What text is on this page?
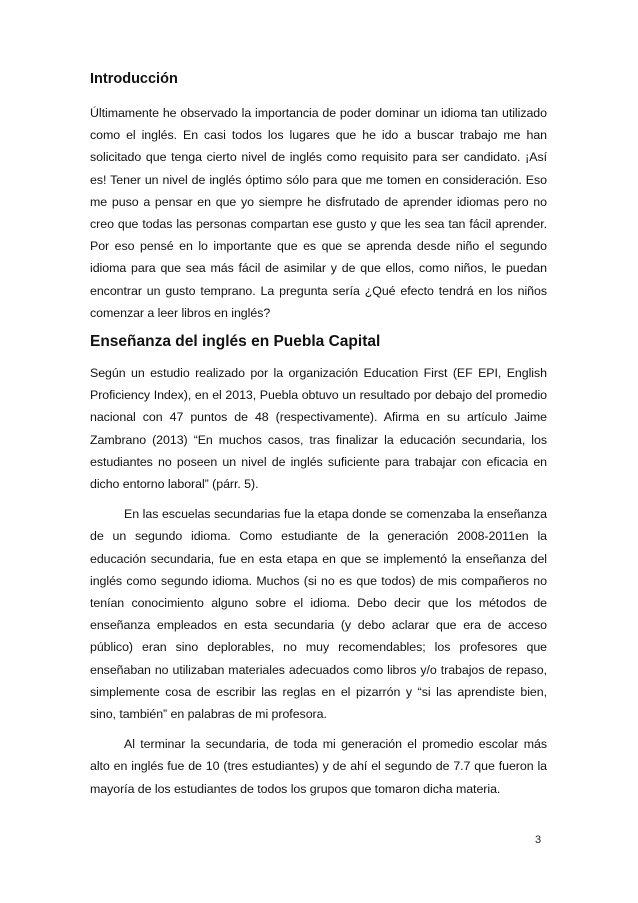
Introducción

Últimamente he observado la importancia de poder dominar un idioma tan utilizado como el inglés. En casi todos los lugares que he ido a buscar trabajo me han solicitado que tenga cierto nivel de inglés como requisito para ser candidato. ¡Así es! Tener un nivel de inglés óptimo sólo para que me tomen en consideración. Eso me puso a pensar en que yo siempre he disfrutado de aprender idiomas pero no creo que todas las personas compartan ese gusto y que les sea tan fácil aprender. Por eso pensé en lo importante que es que se aprenda desde niño el segundo idioma para que sea más fácil de asimilar y de que ellos, como niños, le puedan encontrar un gusto temprano. La pregunta sería ¿Qué efecto tendrá en los niños comenzar a leer libros en inglés?

Enseñanza del inglés en Puebla Capital

Según un estudio realizado por la organización Education First (EF EPI, English Proficiency Index), en el 2013, Puebla obtuvo un resultado por debajo del promedio nacional con 47 puntos de 48 (respectivamente). Afirma en su artículo Jaime Zambrano (2013) “En muchos casos, tras finalizar la educación secundaria, los estudiantes no poseen un nivel de inglés suficiente para trabajar con eficacia en dicho entorno laboral” (párr. 5).

En las escuelas secundarias fue la etapa donde se comenzaba la enseñanza de un segundo idioma. Como estudiante de la generación 2008-2011en la educación secundaria, fue en esta etapa en que se implementó la enseñanza del inglés como segundo idioma. Muchos (si no es que todos) de mis compañeros no tenían conocimiento alguno sobre el idioma. Debo decir que los métodos de enseñanza empleados en esta secundaria (y debo aclarar que era de acceso público) eran sino deplorables, no muy recomendables; los profesores que enseñaban no utilizaban materiales adecuados como libros y/o trabajos de repaso, simplemente cosa de escribir las reglas en el pizarrón y “si las aprendiste bien, sino, también” en palabras de mi profesora.

Al terminar la secundaria, de toda mi generación el promedio escolar más alto en inglés fue de 10 (tres estudiantes) y de ahí el segundo de 7.7 que fueron la mayoría de los estudiantes de todos los grupos que tomaron dicha materia.

3
